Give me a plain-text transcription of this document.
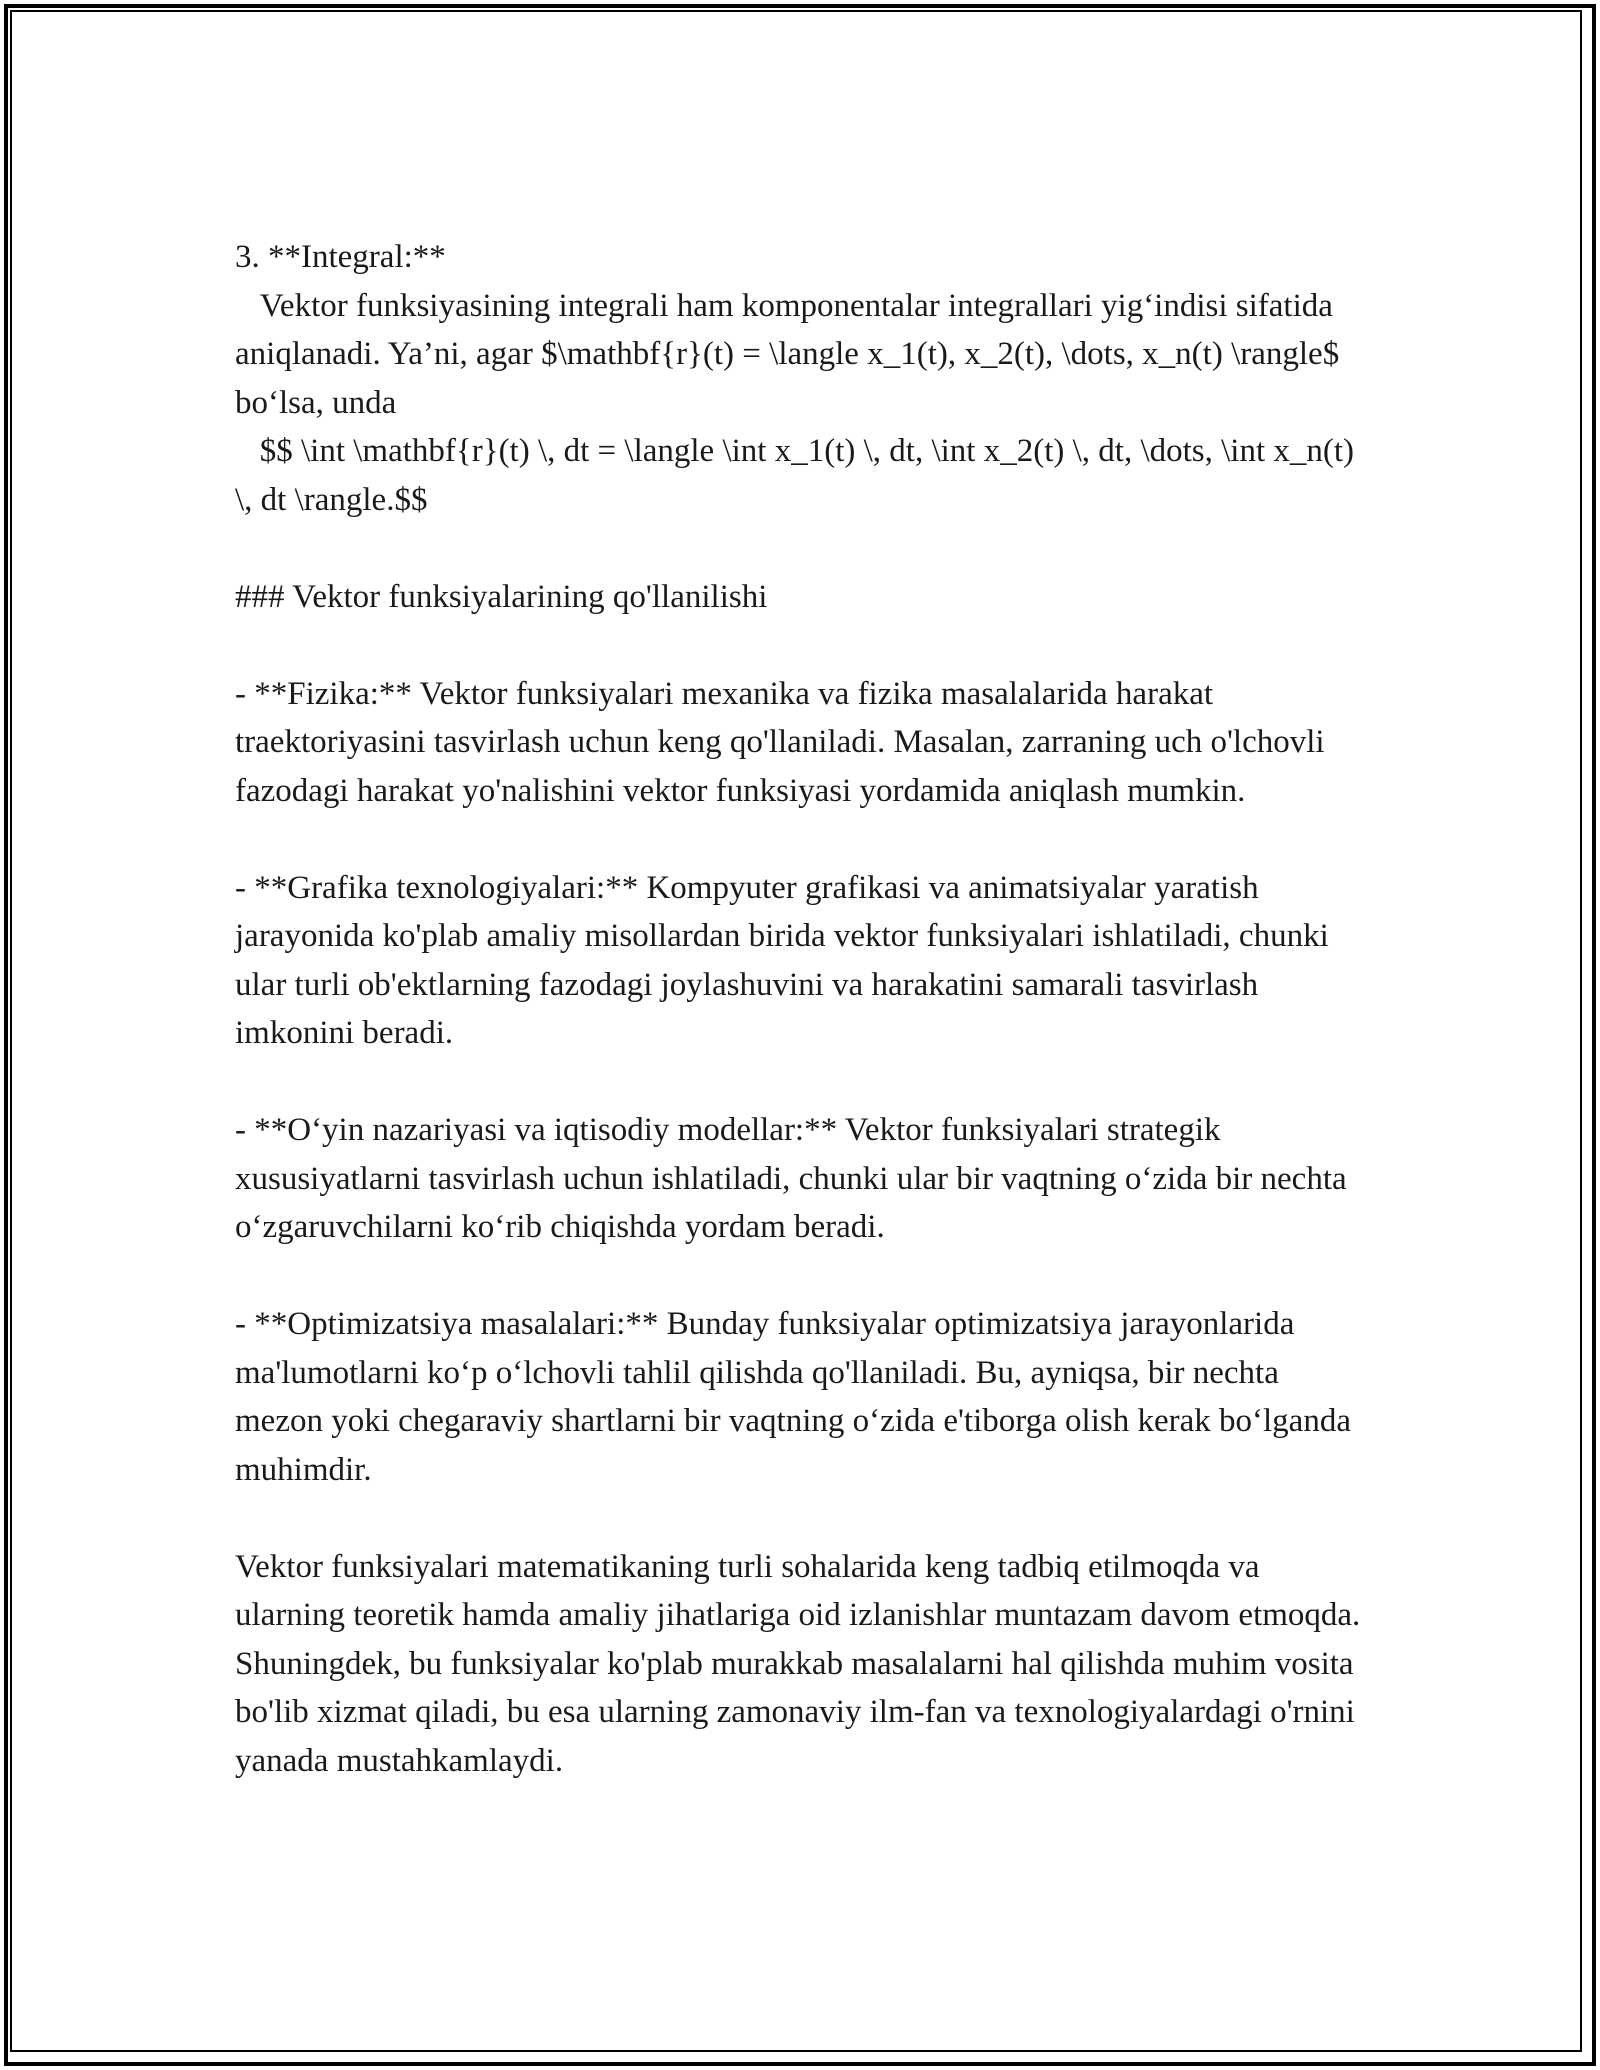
3. **Integral:**

Vektor funksiyasining integrali ham komponentalar integrallari yig‘indisi sifatida aniqlanadi. Ya’ni, agar $\mathbf{r}(t) = \langle x_1(t), x_2(t), \dots, x_n(t) \rangle$ bo‘lsa, unda

$$ \int \mathbf{r}(t) \, dt = \langle \int x_1(t) \, dt, \int x_2(t) \, dt, \dots, \int x_n(t) \, dt \rangle.$$

### Vektor funksiyalarining qo'llanilishi

- **Fizika:** Vektor funksiyalari mexanika va fizika masalalarida harakat traektoriyasini tasvirlash uchun keng qo'llaniladi. Masalan, zarraning uch o'lchovli fazodagi harakat yo'nalishini vektor funksiyasi yordamida aniqlash mumkin.

- **Grafika texnologiyalari:** Kompyuter grafikasi va animatsiyalar yaratish jarayonida ko'plab amaliy misollardan birida vektor funksiyalari ishlatiladi, chunki ular turli ob'ektlarning fazodagi joylashuvini va harakatini samarali tasvirlash imkonini beradi.

- **O‘yin nazariyasi va iqtisodiy modellar:** Vektor funksiyalari strategik xususiyatlarni tasvirlash uchun ishlatiladi, chunki ular bir vaqtning o‘zida bir nechta o‘zgaruvchilarni ko‘rib chiqishda yordam beradi.

- **Optimizatsiya masalalari:** Bunday funksiyalar optimizatsiya jarayonlarida ma'lumotlarni ko‘p o‘lchovli tahlil qilishda qo'llaniladi. Bu, ayniqsa, bir nechta mezon yoki chegaraviy shartlarni bir vaqtning o‘zida e'tiborga olish kerak bo‘lganda muhimdir.

Vektor funksiyalari matematikaning turli sohalarida keng tadbiq etilmoqda va ularning teoretik hamda amaliy jihatlariga oid izlanishlar muntazam davom etmoqda. Shuningdek, bu funksiyalar ko'plab murakkab masalalarni hal qilishda muhim vosita bo'lib xizmat qiladi, bu esa ularning zamonaviy ilm-fan va texnologiyalardagi o'rnini yanada mustahkamlaydi.
